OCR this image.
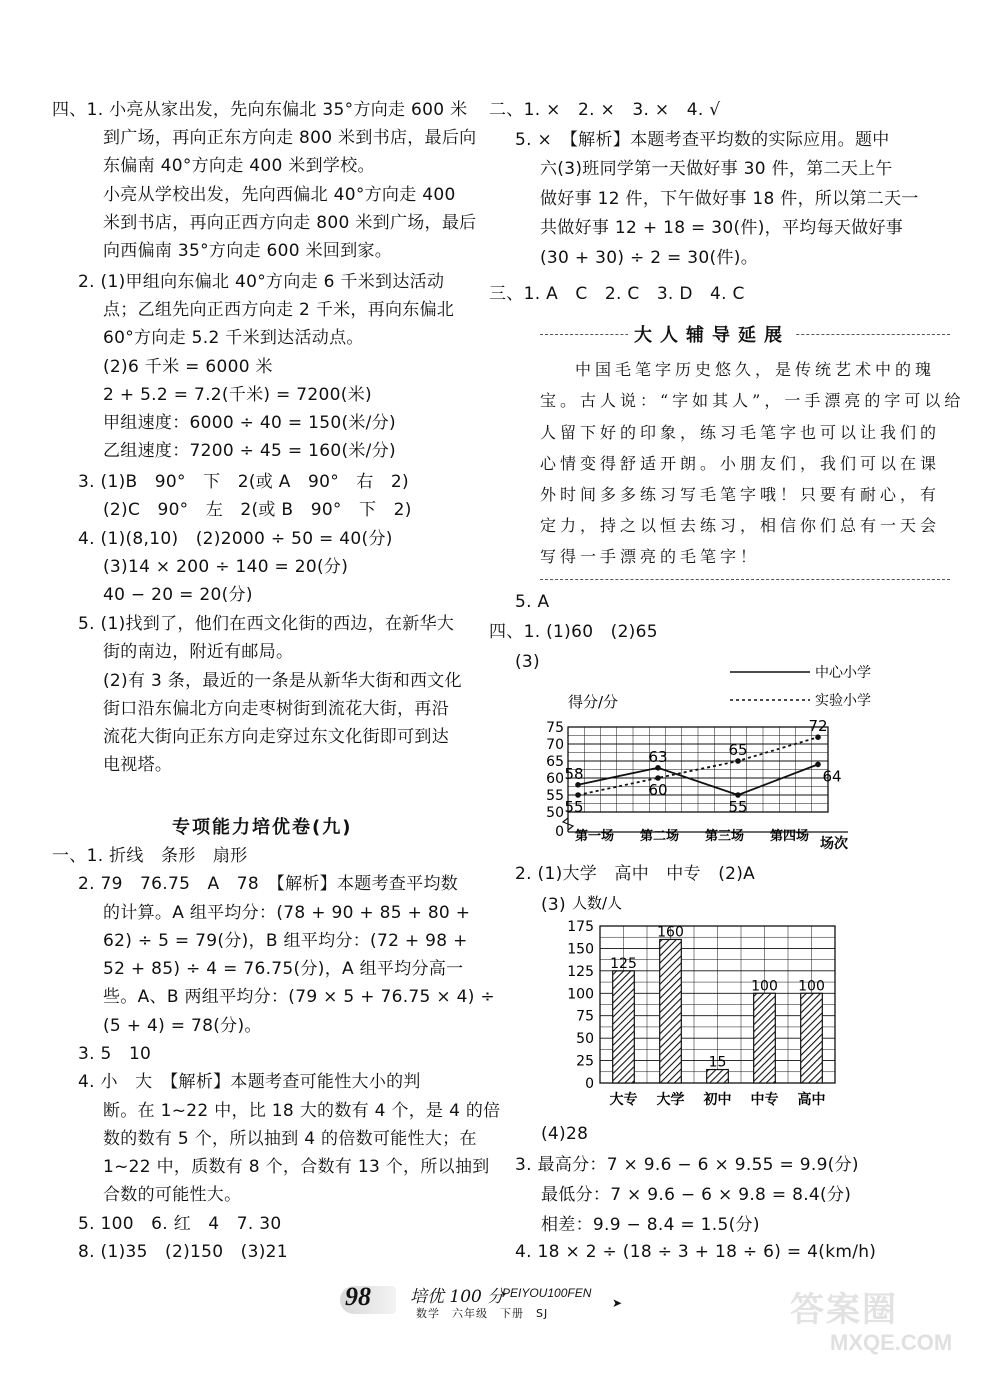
四、1. 小亮从家出发，先向东偏北 35°方向走 600 米
到广场，再向正东方向走 800 米到书店，最后向
东偏南 40°方向走 400 米到学校。
小亮从学校出发，先向西偏北 40°方向走 400
米到书店，再向正西方向走 800 米到广场，最后
向西偏南 35°方向走 600 米回到家。
2. (1)甲组向东偏北 40°方向走 6 千米到达活动
点；乙组先向正西方向走 2 千米，再向东偏北
60°方向走 5.2 千米到达活动点。
(2)6 千米 = 6000 米
2 + 5.2 = 7.2(千米) = 7200(米)
甲组速度：6000 ÷ 40 = 150(米/分)
乙组速度：7200 ÷ 45 = 160(米/分)
3. (1)B　90°　下　2(或 A　90°　右　2)
(2)C　90°　左　2(或 B　90°　下　2)
4. (1)(8,10)　(2)2000 ÷ 50 = 40(分)
(3)14 × 200 ÷ 140 = 20(分)
40 − 20 = 20(分)
5. (1)找到了，他们在西文化街的西边，在新华大
街的南边，附近有邮局。
(2)有 3 条，最近的一条是从新华大街和西文化
街口沿东偏北方向走枣树街到流花大街，再沿
流花大街向正东方向走穿过东文化街即可到达
电视塔。
专项能力培优卷(九)
一、1. 折线　条形　扇形
2. 79　76.75　A　78　【解析】本题考查平均数
的计算。A 组平均分：(78 + 90 + 85 + 80 +
62) ÷ 5 = 79(分)，B 组平均分：(72 + 98 +
52 + 85) ÷ 4 = 76.75(分)，A 组平均分高一
些。A、B 两组平均分：(79 × 5 + 76.75 × 4) ÷
(5 + 4) = 78(分)。
3. 5　10
4. 小　大　【解析】本题考查可能性大小的判
断。在 1~22 中，比 18 大的数有 4 个，是 4 的倍
数的数有 5 个，所以抽到 4 的倍数可能性大；在
1~22 中，质数有 8 个，合数有 13 个，所以抽到
合数的可能性大。
5. 100　6. 红　4　7. 30
8. (1)35　(2)150　(3)21
二、1. ×　2. ×　3. ×　4. √
5. ×　【解析】本题考查平均数的实际应用。题中
六(3)班同学第一天做好事 30 件，第二天上午
做好事 12 件，下午做好事 18 件，所以第二天一
共做好事 12 + 18 = 30(件)，平均每天做好事
(30 + 30) ÷ 2 = 30(件)。
三、1. A　C　2. C　3. D　4. C
大人辅导延展
中国毛笔字历史悠久，是传统艺术中的瑰
宝。古人说：“字如其人”，一手漂亮的字可以给
人留下好的印象，练习毛笔字也可以让我们的
心情变得舒适开朗。小朋友们，我们可以在课
外时间多多练习写毛笔字哦！只要有耐心，有
定力，持之以恒去练习，相信你们总有一天会
写得一手漂亮的毛笔字！
5. A
四、1. (1)60　(2)65
(3)
中心小学
实验小学
得分/分
50
55
60
65
70
75
0 第一场 第二场 第三场 第四场
58
63
55
64
55
60
65
72
场次
2. (1)大学　高中　中专　(2)A
(3) 人数/人
0
25
50
75
100
125
150
175
125
160
15
100 100
大专 大学 初中 中专 高中
(4)28
3. 最高分：7 × 9.6 − 6 × 9.55 = 9.9(分)
最低分：7 × 9.6 − 6 × 9.8 = 8.4(分)
相差：9.9 − 8.4 = 1.5(分)
4. 18 × 2 ÷ (18 ÷ 3 + 18 ÷ 6) = 4(km/h)
98 培优 100 分
PEIYOU100FEN
数学　六年级　下册　SJ
➤	答案圈
MXQE.COM
